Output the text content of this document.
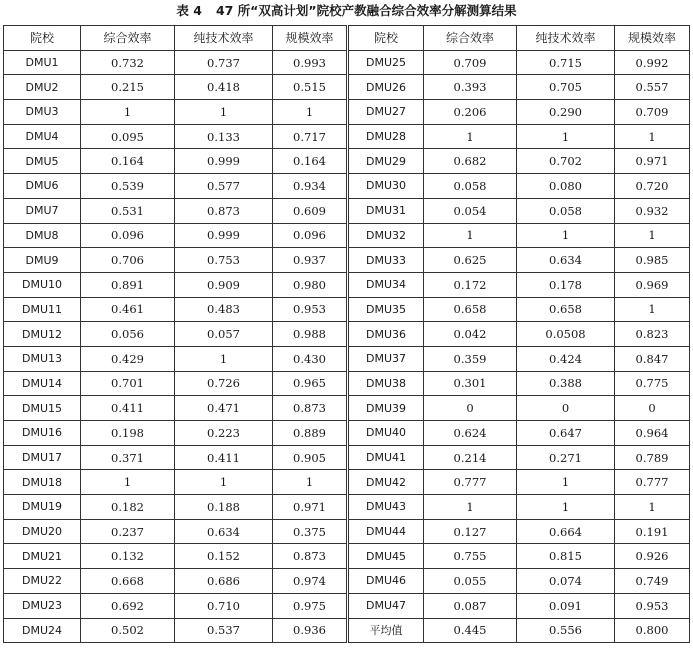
表 4 47 所“双高计划”院校产教融合综合效率分解测算结果
院校	综合效率	纯技术效率	规模效率	院校	综合效率	纯技术效率	规模效率
DMU1	0.732	0.737	0.993	DMU25	0.709	0.715	0.992
DMU2	0.215	0.418	0.515	DMU26	0.393	0.705	0.557
DMU3	1	1	1	DMU27	0.206	0.290	0.709
DMU4	0.095	0.133	0.717	DMU28	1	1	1
DMU5	0.164	0.999	0.164	DMU29	0.682	0.702	0.971
DMU6	0.539	0.577	0.934	DMU30	0.058	0.080	0.720
DMU7	0.531	0.873	0.609	DMU31	0.054	0.058	0.932
DMU8	0.096	0.999	0.096	DMU32	1	1	1
DMU9	0.706	0.753	0.937	DMU33	0.625	0.634	0.985
DMU10	0.891	0.909	0.980	DMU34	0.172	0.178	0.969
DMU11	0.461	0.483	0.953	DMU35	0.658	0.658	1
DMU12	0.056	0.057	0.988	DMU36	0.042	0.0508	0.823
DMU13	0.429	1	0.430	DMU37	0.359	0.424	0.847
DMU14	0.701	0.726	0.965	DMU38	0.301	0.388	0.775
DMU15	0.411	0.471	0.873	DMU39	0	0	0
DMU16	0.198	0.223	0.889	DMU40	0.624	0.647	0.964
DMU17	0.371	0.411	0.905	DMU41	0.214	0.271	0.789
DMU18	1	1	1	DMU42	0.777	1	0.777
DMU19	0.182	0.188	0.971	DMU43	1	1	1
DMU20	0.237	0.634	0.375	DMU44	0.127	0.664	0.191
DMU21	0.132	0.152	0.873	DMU45	0.755	0.815	0.926
DMU22	0.668	0.686	0.974	DMU46	0.055	0.074	0.749
DMU23	0.692	0.710	0.975	DMU47	0.087	0.091	0.953
DMU24	0.502	0.537	0.936	平均值	0.445	0.556	0.800
